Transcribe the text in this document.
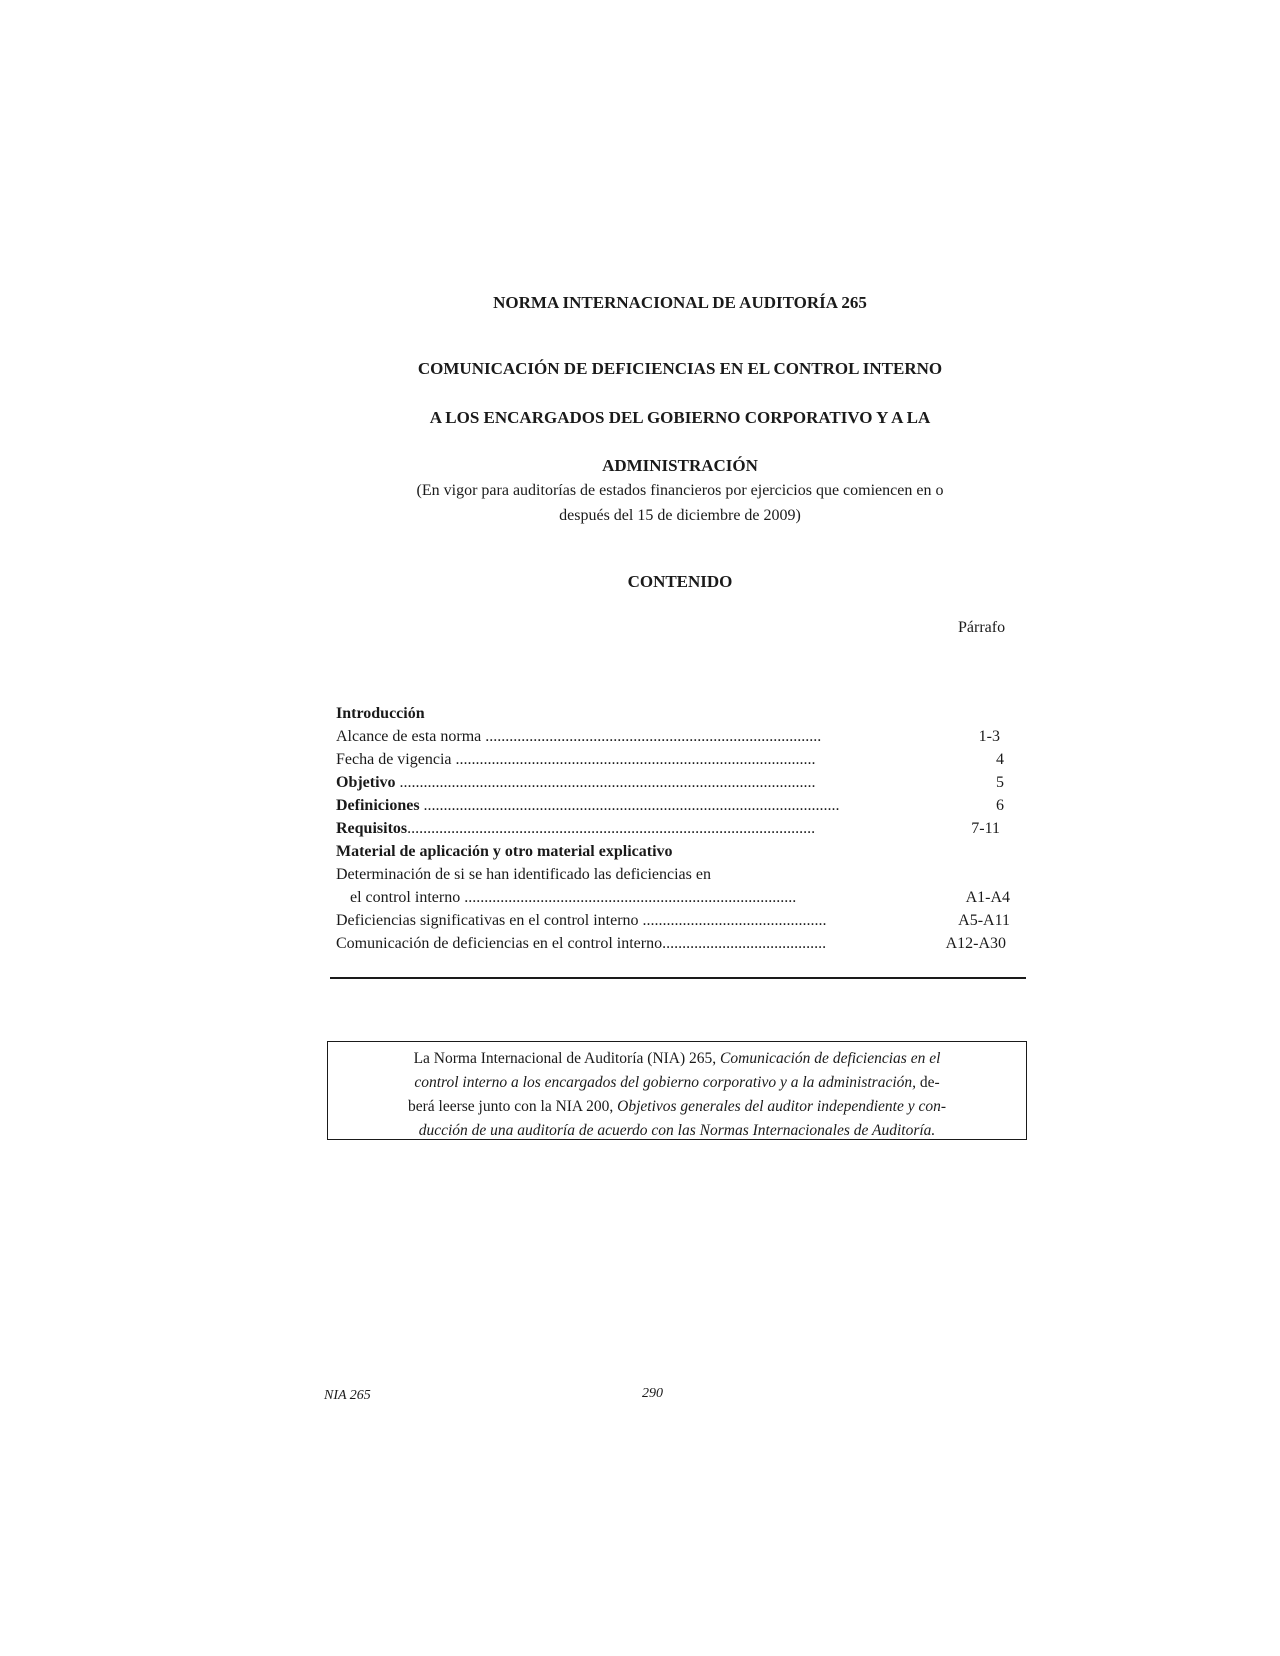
NORMA INTERNACIONAL DE AUDITORÍA 265
COMUNICACIÓN DE DEFICIENCIAS EN EL CONTROL INTERNO
A LOS ENCARGADOS DEL GOBIERNO CORPORATIVO Y A LA
ADMINISTRACIÓN
(En vigor para auditorías de estados financieros por ejercicios que comiencen en o
después del 15 de diciembre de 2009)
CONTENIDO
Párrafo
Introducción
Alcance de esta norma ....................................................................................	1-3
Fecha de vigencia ..........................................................................................	4
Objetivo ........................................................................................................	5
Definiciones ........................................................................................................	6
Requisitos......................................................................................................	7-11
Material de aplicación y otro material explicativo
Determinación de si se han identificado las deficiencias en
el control interno ...................................................................................	A1-A4
Deficiencias significativas en el control interno ..............................................	A5-A11
Comunicación de deficiencias en el control interno.........................................	A12-A30
La Norma Internacional de Auditoría (NIA) 265, Comunicación de deficiencias en el
control interno a los encargados del gobierno corporativo y a la administración, de-
berá leerse junto con la NIA 200, Objetivos generales del auditor independiente y con-
ducción de una auditoría de acuerdo con las Normas Internacionales de Auditoría.
NIA 265	290
